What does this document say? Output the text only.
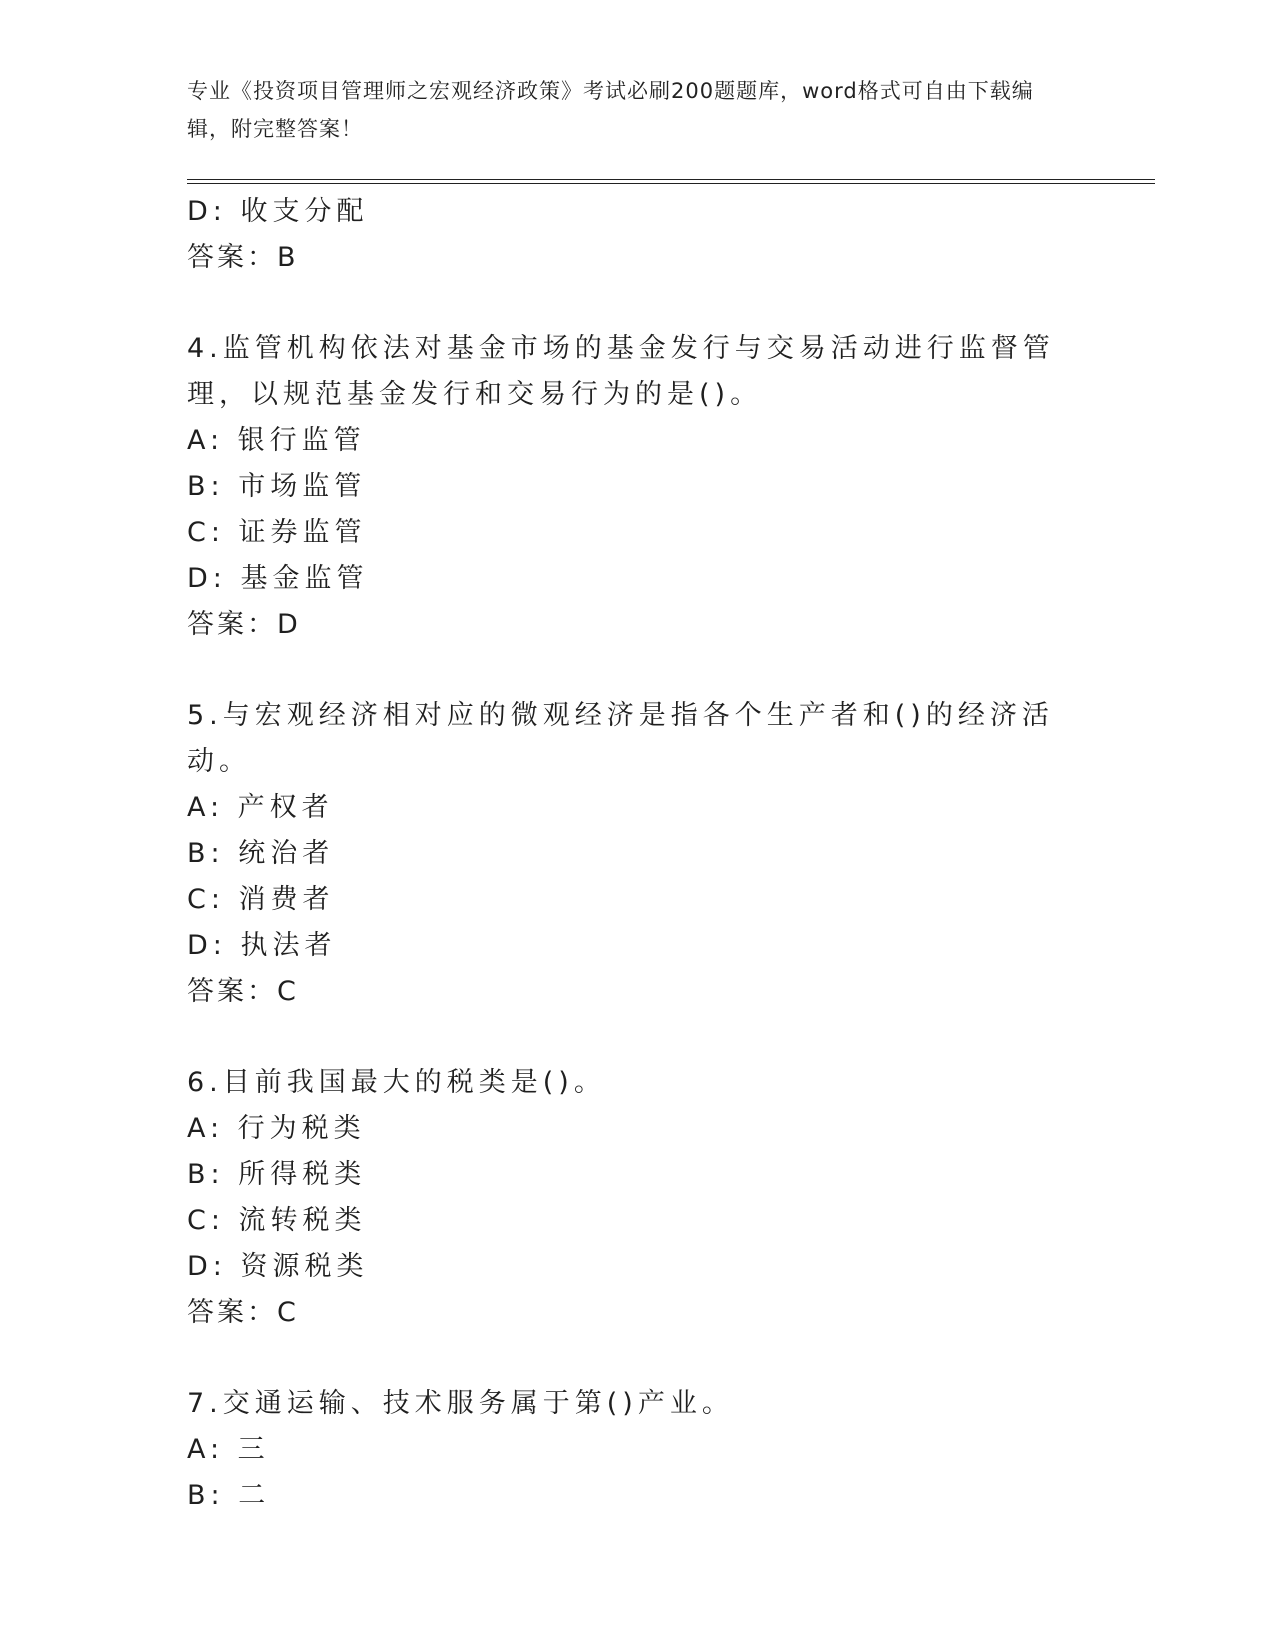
专业《投资项目管理师之宏观经济政策》考试必刷200题题库，word格式可自由下载编辑，附完整答案！
D: 收支分配
答案：B
4.监管机构依法对基金市场的基金发行与交易活动进行监督管理，以规范基金发行和交易行为的是()。
A: 银行监管
B: 市场监管
C: 证券监管
D: 基金监管
答案：D
5.与宏观经济相对应的微观经济是指各个生产者和()的经济活动。
A: 产权者
B: 统治者
C: 消费者
D: 执法者
答案：C
6.目前我国最大的税类是()。
A: 行为税类
B: 所得税类
C: 流转税类
D: 资源税类
答案：C
7.交通运输、技术服务属于第()产业。
A: 三
B: 二
